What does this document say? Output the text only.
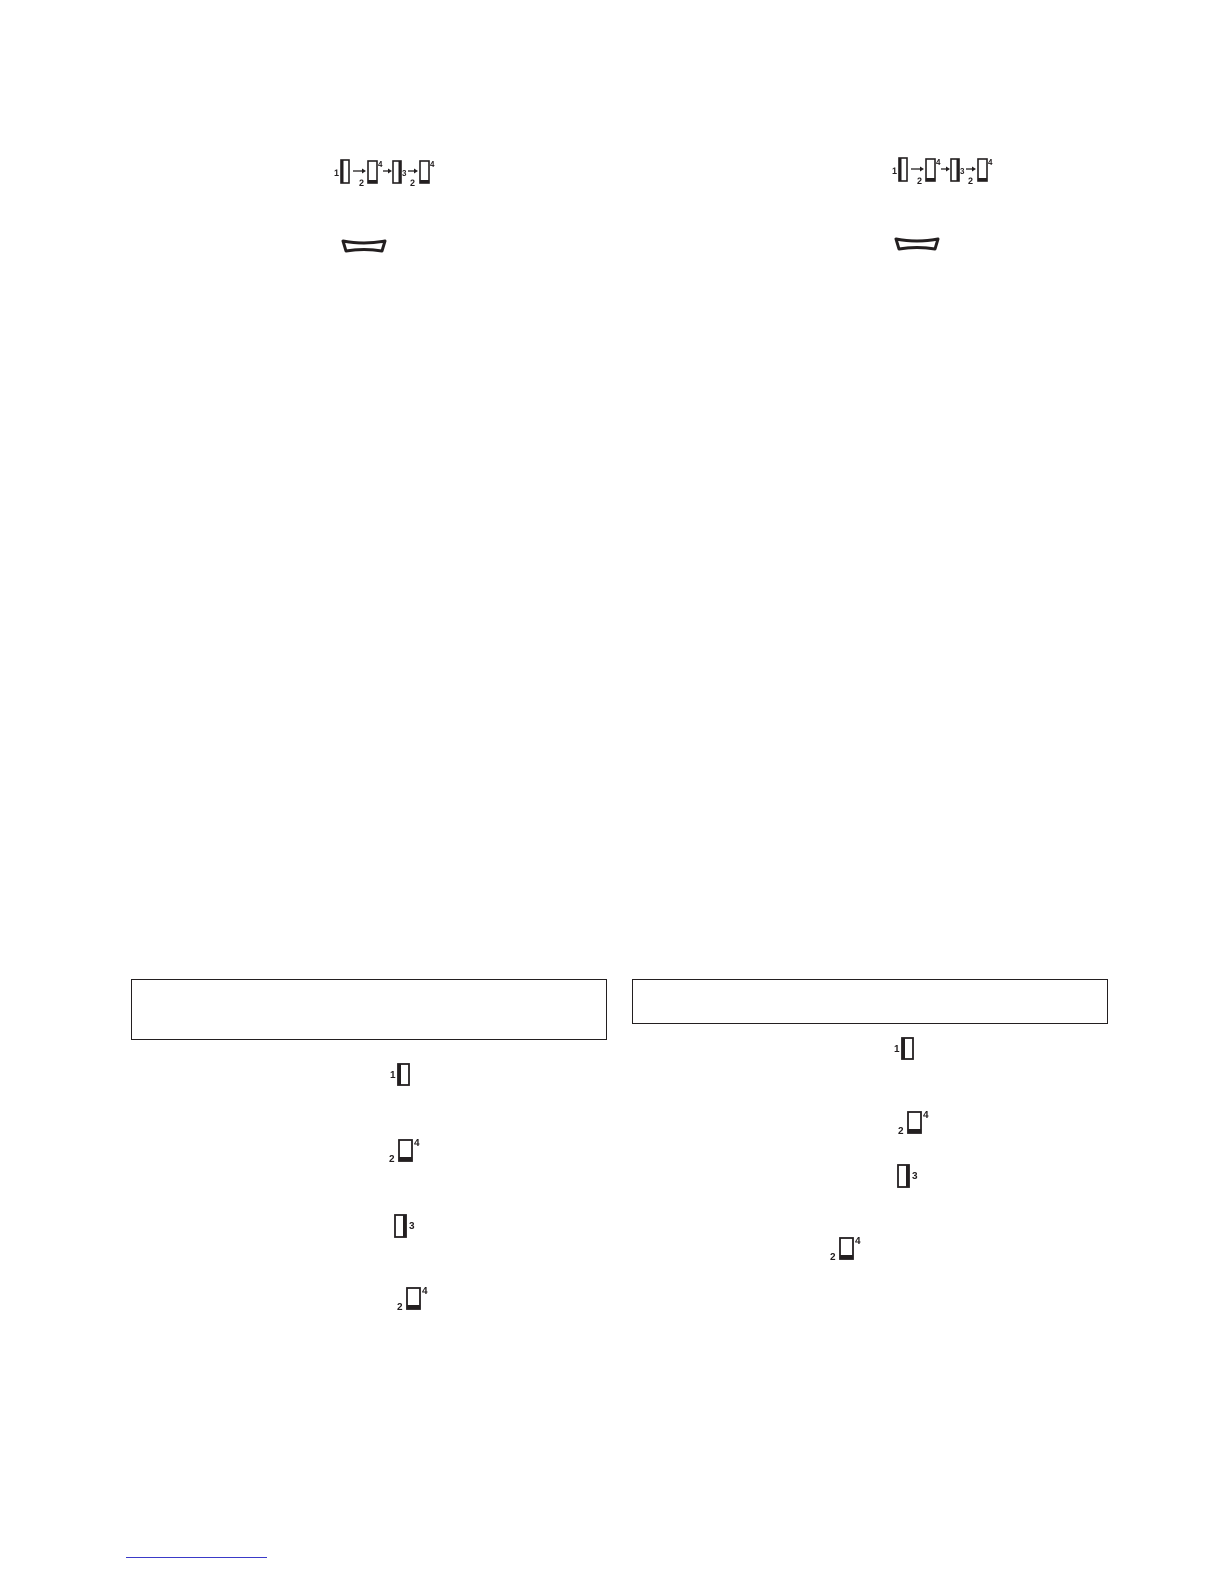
1
2
4
3
2
4
1
2
4
3
2
4
1
2
4
3
2
4
1
2
4
3
2
4
